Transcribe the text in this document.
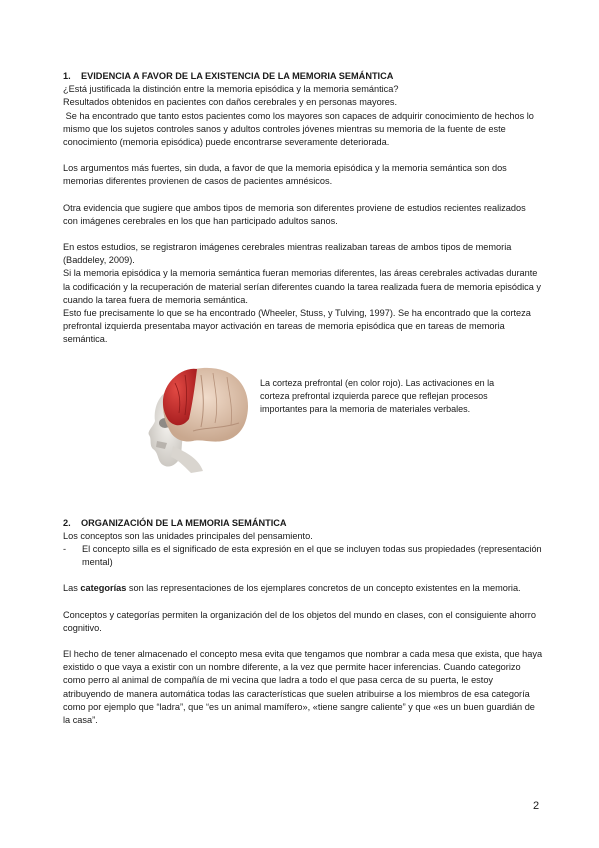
1. EVIDENCIA A FAVOR DE LA EXISTENCIA DE LA MEMORIA SEMÁNTICA

¿Está justificada la distinción entre la memoria episódica y la memoria semántica?

Resultados obtenidos en pacientes con daños cerebrales y en personas mayores.

Se ha encontrado que tanto estos pacientes como los mayores son capaces de adquirir conocimiento de hechos lo mismo que los sujetos controles sanos y adultos controles jóvenes mientras su memoria de la fuente de este conocimiento (memoria episódica) puede encontrarse severamente deteriorada.

Los argumentos más fuertes, sin duda, a favor de que la memoria episódica y la memoria semántica son dos memorias diferentes provienen de casos de pacientes amnésicos.

Otra evidencia que sugiere que ambos tipos de memoria son diferentes proviene de estudios recientes realizados con imágenes cerebrales en los que han participado adultos sanos.

En estos estudios, se registraron imágenes cerebrales mientras realizaban tareas de ambos tipos de memoria (Baddeley, 2009).

Si la memoria episódica y la memoria semántica fueran memorias diferentes, las áreas cerebrales activadas durante la codificación y la recuperación de material serían diferentes cuando la tarea realizada fuera de memoria episódica y cuando la tarea fuera de memoria semántica.

Esto fue precisamente lo que se ha encontrado (Wheeler, Stuss, y Tulving, 1997). Se ha encontrado que la corteza prefrontal izquierda presentaba mayor activación en tareas de memoria episódica que en tareas de memoria semántica.

La corteza prefrontal (en color rojo). Las activaciones en la corteza prefrontal izquierda parece que reflejan procesos importantes para la memoria de materiales verbales.

2. ORGANIZACIÓN DE LA MEMORIA SEMÁNTICA

Los conceptos son las unidades principales del pensamiento.

-	El concepto silla es el significado de esta expresión en el que se incluyen todas sus propiedades (representación mental)

Las categorías son las representaciones de los ejemplares concretos de un concepto existentes en la memoria.

Conceptos y categorías permiten la organización del de los objetos del mundo en clases, con el consiguiente ahorro cognitivo.

El hecho de tener almacenado el concepto mesa evita que tengamos que nombrar a cada mesa que exista, que haya existido o que vaya a existir con un nombre diferente, a la vez que permite hacer inferencias. Cuando categorizo como perro al animal de compañía de mi vecina que ladra a todo el que pasa cerca de su puerta, le estoy atribuyendo de manera automática todas las características que suelen atribuirse a los miembros de esa categoría como por ejemplo que “ladra”, que “es un animal mamífero», «tiene sangre caliente” y que «es un buen guardián de la casa”.

2
